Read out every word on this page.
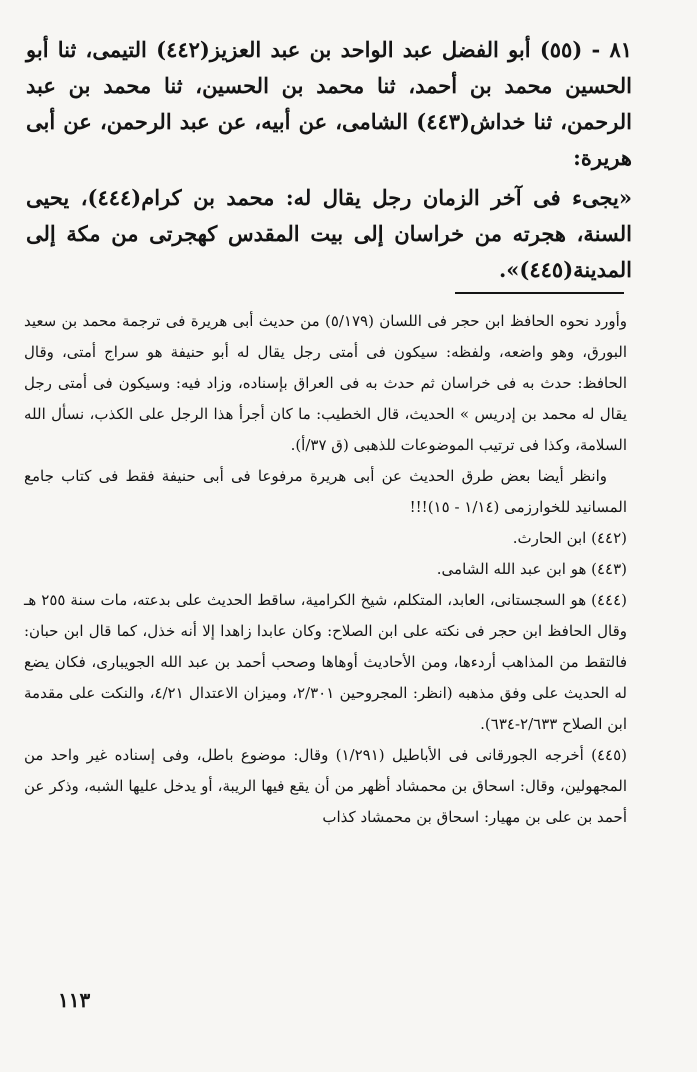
٨١ - (٥٥) أبو الفضل عبد الواحد بن عبد العزيز(٤٤٢) التيمى، ثنا أبو الحسين محمد بن أحمد، ثنا محمد بن الحسين، ثنا محمد بن عبد الرحمن، ثنا خداش(٤٤٣) الشامى، عن أبيه، عن عبد الرحمن، عن أبى هريرة:

«يجىء فى آخر الزمان رجل يقال له: محمد بن كرام(٤٤٤)، يحيى السنة، هجرته من خراسان إلى بيت المقدس كهجرتى من مكة إلى المدينة(٤٤٥)».

وأورد نحوه الحافظ ابن حجر فى اللسان (٥/١٧٩) من حديث أبى هريرة فى ترجمة محمد بن سعيد البورق، وهو واضعه، ولفظه: سيكون فى أمتى رجل يقال له أبو حنيفة هو سراج أمتى، وقال الحافظ: حدث به فى خراسان ثم حدث به فى العراق بإسناده، وزاد فيه: وسيكون فى أمتى رجل يقال له محمد بن إدريس » الحديث، قال الخطيب: ما كان أجرأ هذا الرجل على الكذب، نسأل الله السلامة، وكذا فى ترتيب الموضوعات للذهبى (ق ٣٧/أ).

وانظر أيضا بعض طرق الحديث عن أبى هريرة مرفوعا فى أبى حنيفة فقط فى كتاب جامع المسانيد للخوارزمى (١/١٤ - ١٥)!!!

(٤٤٢) ابن الحارث.

(٤٤٣) هو ابن عبد الله الشامى.

(٤٤٤) هو السجستانى، العابد، المتكلم، شيخ الكرامية، ساقط الحديث على بدعته، مات سنة ٢٥٥ هـ وقال الحافظ ابن حجر فى نكته على ابن الصلاح: وكان عابدا زاهدا إلا أنه خذل، كما قال ابن حبان: فالتقط من المذاهب أردءها، ومن الأحاديث أوهاها وصحب أحمد بن عبد الله الجويبارى، فكان يضع له الحديث على وفق مذهبه (انظر: المجروحين ٢/٣٠١، وميزان الاعتدال ٤/٢١، والنكت على مقدمة ابن الصلاح ٢/٦٣٣-٦٣٤).

(٤٤٥) أخرجه الجورقانى فى الأباطيل (١/٢٩١) وقال: موضوع باطل، وفى إسناده غير واحد من المجهولين، وقال: اسحاق بن محمشاد أظهر من أن يقع فيها الريبة، أو يدخل عليها الشبه، وذكر عن أحمد بن على بن مهيار: اسحاق بن محمشاد كذاب

١١٣
